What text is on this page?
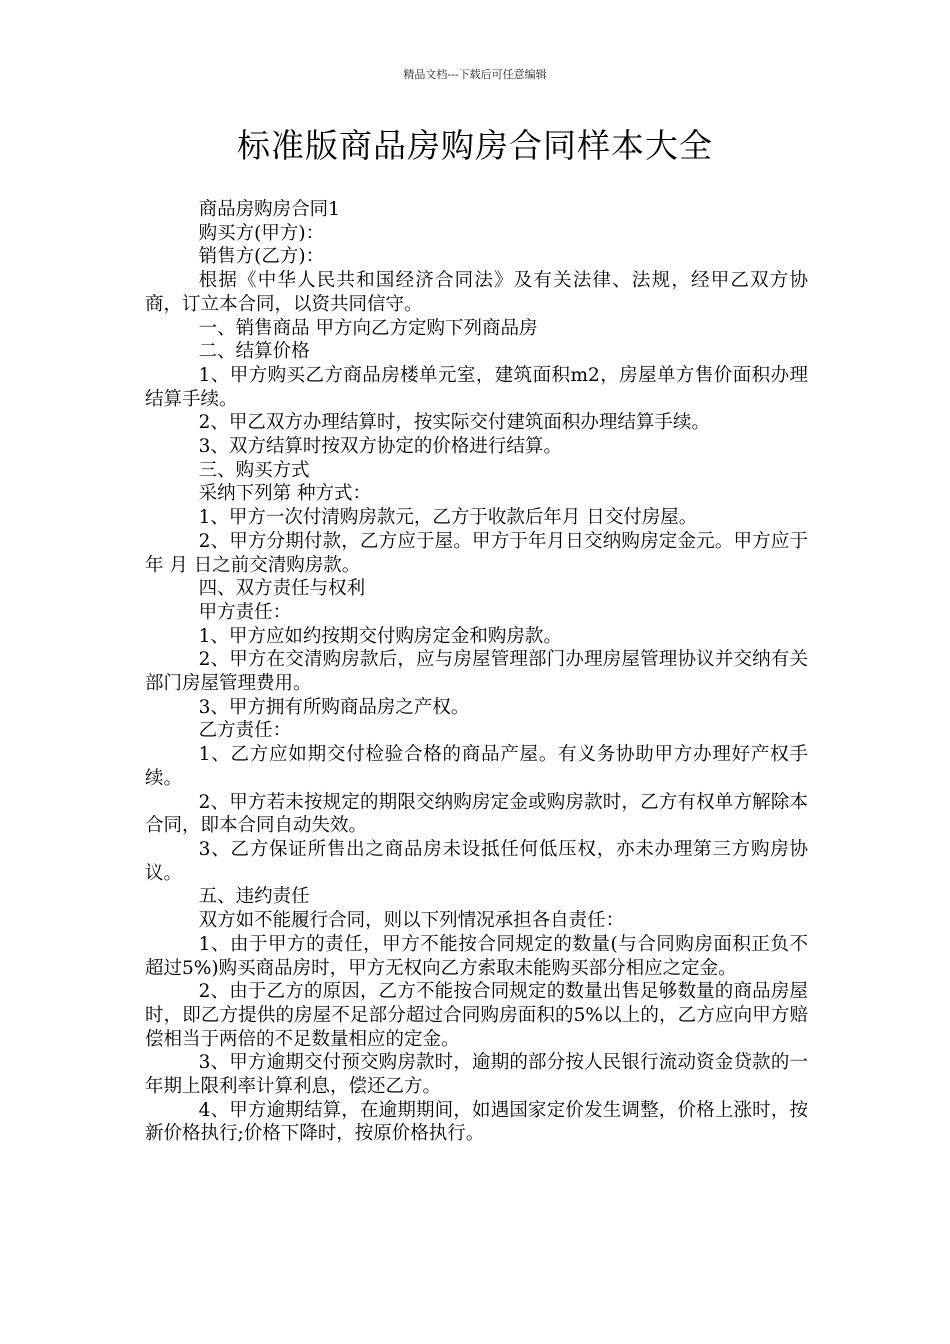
精品文档---下载后可任意编辑
标准版商品房购房合同样本大全

商品房购房合同1

购买方(甲方)：

销售方(乙方)：

根据《中华人民共和国经济合同法》及有关法律、法规，经甲乙双方协商，订立本合同，以资共同信守。

一、销售商品 甲方向乙方定购下列商品房

二、结算价格

1、甲方购买乙方商品房楼单元室，建筑面积m2，房屋单方售价面积办理结算手续。

2、甲乙双方办理结算时，按实际交付建筑面积办理结算手续。

3、双方结算时按双方协定的价格进行结算。

三、购买方式

采纳下列第 种方式：

1、甲方一次付清购房款元，乙方于收款后年月 日交付房屋。

2、甲方分期付款，乙方应于屋。甲方于年月日交纳购房定金元。甲方应于 年 月 日之前交清购房款。

四、双方责任与权利

甲方责任：

1、甲方应如约按期交付购房定金和购房款。

2、甲方在交清购房款后，应与房屋管理部门办理房屋管理协议并交纳有关部门房屋管理费用。

3、甲方拥有所购商品房之产权。

乙方责任：

1、乙方应如期交付检验合格的商品产屋。有义务协助甲方办理好产权手续。

2、甲方若未按规定的期限交纳购房定金或购房款时，乙方有权单方解除本合同，即本合同自动失效。

3、乙方保证所售出之商品房未设抵任何低压权，亦未办理第三方购房协议。

五、违约责任

双方如不能履行合同，则以下列情况承担各自责任：

1、由于甲方的责任，甲方不能按合同规定的数量(与合同购房面积正负不超过5%)购买商品房时，甲方无权向乙方索取未能购买部分相应之定金。

2、由于乙方的原因，乙方不能按合同规定的数量出售足够数量的商品房屋时，即乙方提供的房屋不足部分超过合同购房面积的5%以上的，乙方应向甲方赔偿相当于两倍的不足数量相应的定金。

3、甲方逾期交付预交购房款时，逾期的部分按人民银行流动资金贷款的一年期上限利率计算利息，偿还乙方。

4、甲方逾期结算，在逾期期间，如遇国家定价发生调整，价格上涨时，按新价格执行;价格下降时，按原价格执行。
